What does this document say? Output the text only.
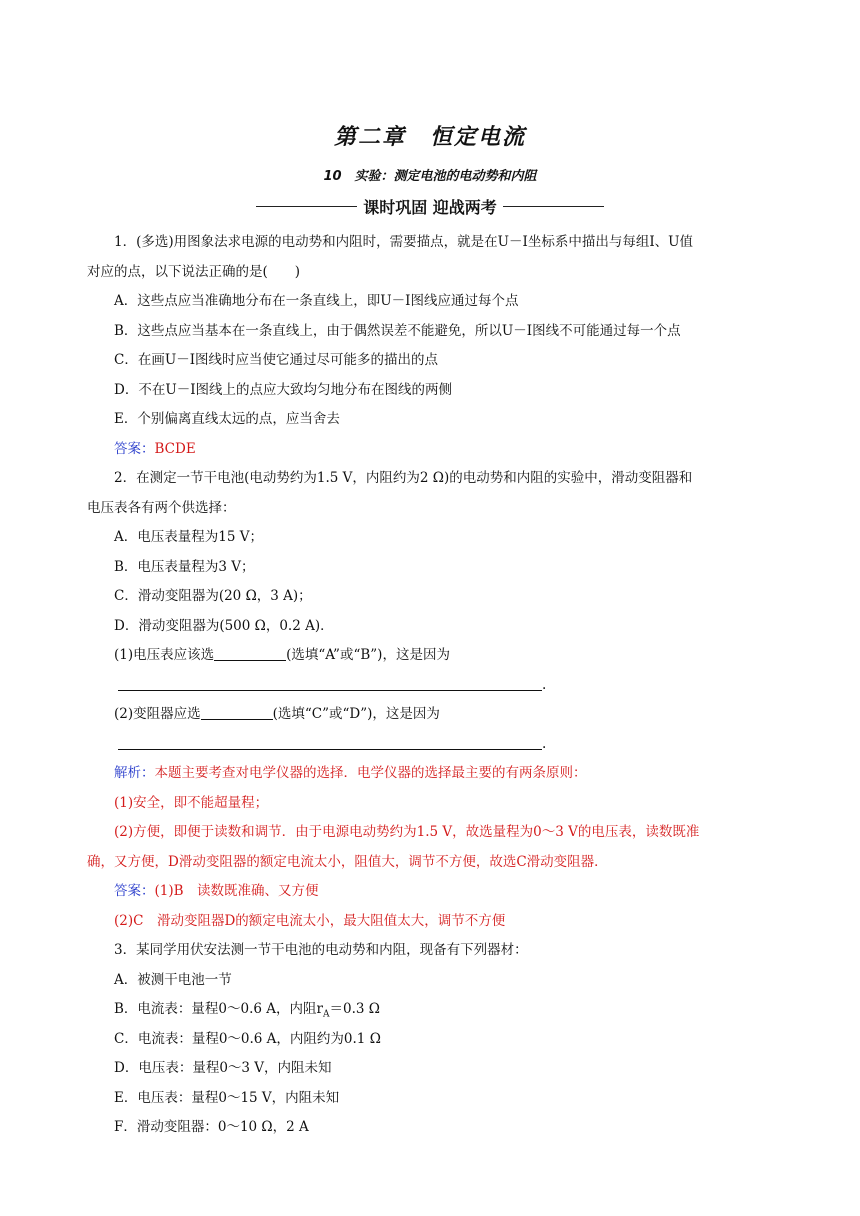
第二章　恒定电流
10　实验：测定电池的电动势和内阻
课时巩固 迎战两考
1．(多选)用图象法求电源的电动势和内阻时，需要描点，就是在U－I坐标系中描出与每组I、U值
对应的点，以下说法正确的是(　　)
A．这些点应当准确地分布在一条直线上，即U－I图线应通过每个点
B．这些点应当基本在一条直线上，由于偶然误差不能避免，所以U－I图线不可能通过每一个点
C．在画U－I图线时应当使它通过尽可能多的描出的点
D．不在U－I图线上的点应大致均匀地分布在图线的两侧
E．个别偏离直线太远的点，应当舍去
答案：BCDE
2．在测定一节干电池(电动势约为1.5 V，内阻约为2 Ω)的电动势和内阻的实验中，滑动变阻器和
电压表各有两个供选择：
A．电压表量程为15 V；
B．电压表量程为3 V；
C．滑动变阻器为(20 Ω，3 A)；
D．滑动变阻器为(500 Ω，0.2 A)．
(1)电压表应该选	(选填“A”或“B”)，这是因为
.
(2)变阻器应选	(选填“C”或“D”)，这是因为
.
解析：本题主要考查对电学仪器的选择．电学仪器的选择最主要的有两条原则：
(1)安全，即不能超量程；
(2)方便，即便于读数和调节．由于电源电动势约为1.5 V，故选量程为0～3 V的电压表，读数既准
确，又方便，D滑动变阻器的额定电流太小，阻值大，调节不方便，故选C滑动变阻器．
答案：(1)B　读数既准确、又方便
(2)C　滑动变阻器D的额定电流太小，最大阻值太大，调节不方便
3．某同学用伏安法测一节干电池的电动势和内阻，现备有下列器材：
A．被测干电池一节
B．电流表：量程0～0.6 A，内阻$r_A=0.3$ Ω
C．电流表：量程0～0.6 A，内阻约为0.1 Ω
D．电压表：量程0～3 V，内阻未知
E．电压表：量程0～15 V，内阻未知
F．滑动变阻器：0～10 Ω，2 A
